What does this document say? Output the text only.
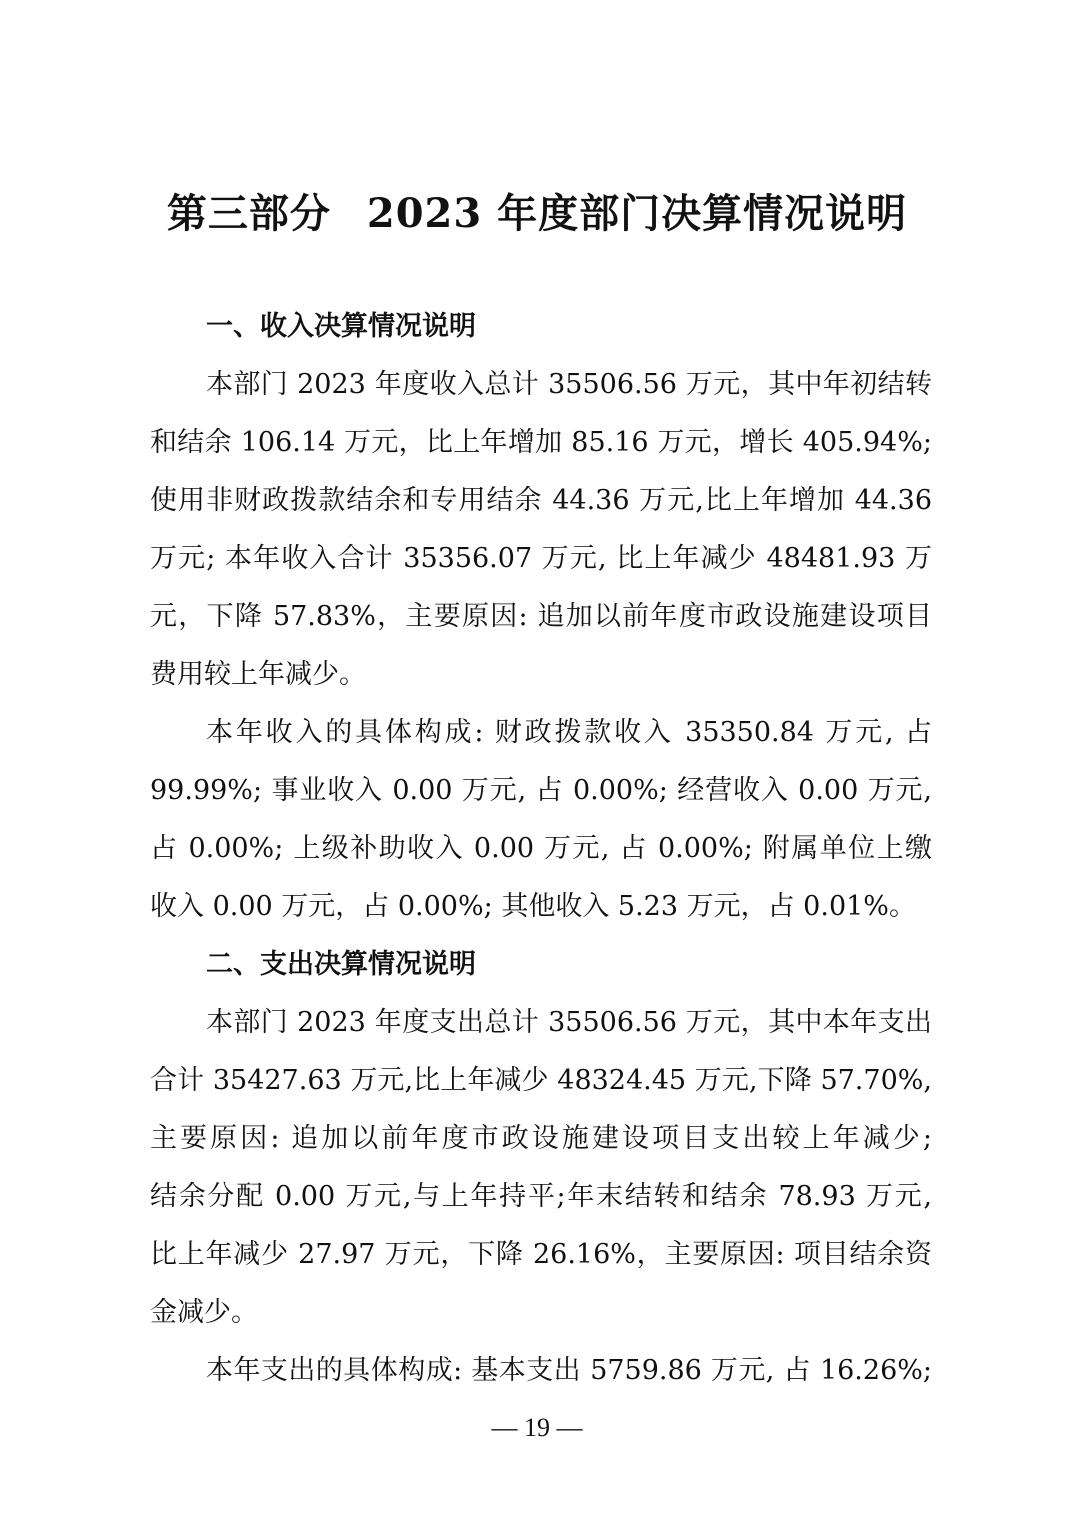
第三部分 2023 年度部门决算情况说明
一、收入决算情况说明
本部门 2023 年度收入总计 35506.56 万元，其中年初结转
和结余 106.14 万元，比上年增加 85.16 万元，增长 405.94%;
使用非财政拨款结余和专用结余 44.36 万元,比上年增加 44.36
万元; 本年收入合计 35356.07 万元, 比上年减少 48481.93 万
元，下降 57.83%，主要原因: 追加以前年度市政设施建设项目
费用较上年减少。
本年收入的具体构成: 财政拨款收入 35350.84 万元, 占
99.99%; 事业收入 0.00 万元, 占 0.00%; 经营收入 0.00 万元,
占 0.00%; 上级补助收入 0.00 万元, 占 0.00%; 附属单位上缴
收入 0.00 万元，占 0.00%; 其他收入 5.23 万元，占 0.01%。
二、支出决算情况说明
本部门 2023 年度支出总计 35506.56 万元，其中本年支出
合计 35427.63 万元,比上年减少 48324.45 万元,下降 57.70%,
主要原因: 追加以前年度市政设施建设项目支出较上年减少;
结余分配 0.00 万元,与上年持平;年末结转和结余 78.93 万元,
比上年减少 27.97 万元，下降 26.16%，主要原因: 项目结余资
金减少。
本年支出的具体构成: 基本支出 5759.86 万元, 占 16.26%;
— 19 —
